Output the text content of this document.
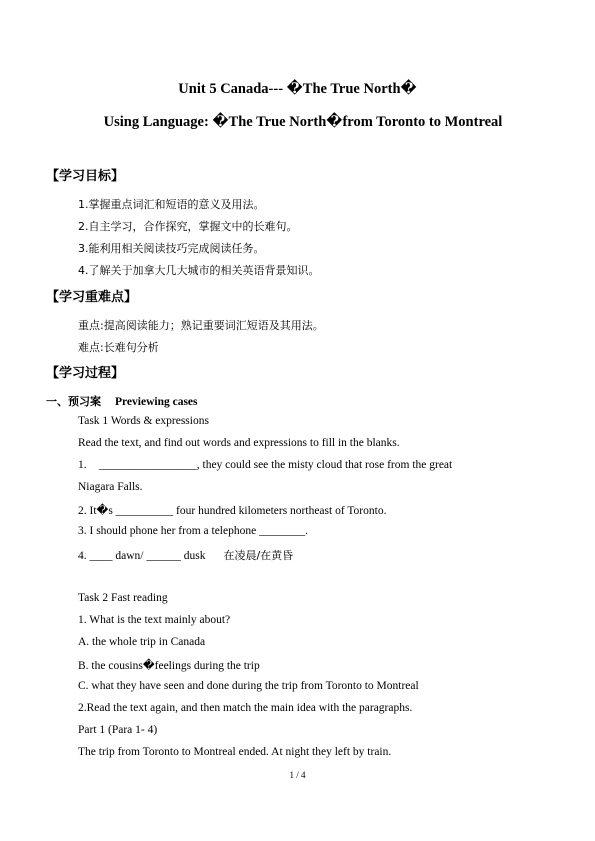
Unit 5 Canada--- �The True North�
Using Language: �The True North�from Toronto to Montreal
【学习目标】
1.掌握重点词汇和短语的意义及用法。
2.自主学习，合作探究，掌握文中的长难句。
3.能利用相关阅读技巧完成阅读任务。
4.了解关于加拿大几大城市的相关英语背景知识。
【学习重难点】
重点:提高阅读能力；熟记重要词汇短语及其用法。
难点:长难句分析
【学习过程】
一、预习案 Previewing cases
Task 1 Words & expressions
Read the text, and find out words and expressions to fill in the blanks.
1. _________________, they could see the misty cloud that rose from the great
Niagara Falls.
2. It�s __________ four hundred kilometers northeast of Toronto.
3. I should phone her from a telephone ________.
4. ____ dawn/ ______ dusk 在凌晨/在黄昏
Task 2 Fast reading
1. What is the text mainly about?
A. the whole trip in Canada
B. the cousins�feelings during the trip
C. what they have seen and done during the trip from Toronto to Montreal
2.Read the text again, and then match the main idea with the paragraphs.
Part 1 (Para 1- 4)
The trip from Toronto to Montreal ended. At night they left by train.
1 / 4
